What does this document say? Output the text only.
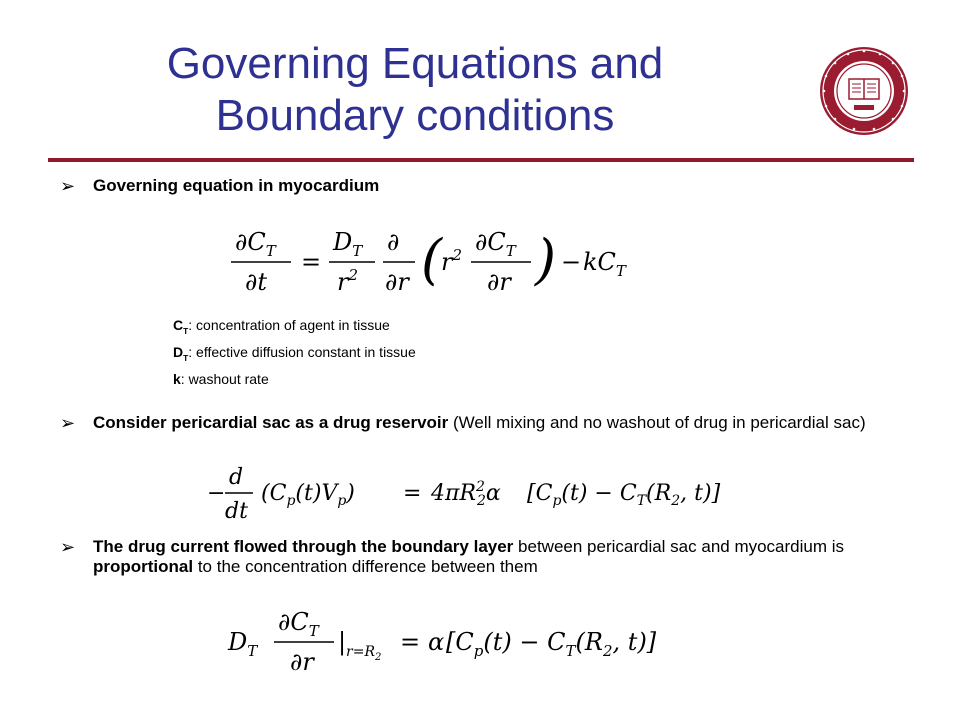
Governing Equations and
Boundary conditions
➢ Governing equation in myocardium
$\partial C_T$
∂t
=
$D_T$
$r^2$
∂
∂r (
$r^2$ $\partial C_T$
∂r ) − $kC_T$
$C_T$: concentration of agent in tissue
$D_T$: effective diffusion constant in tissue
k: washout rate
➢ Consider pericardial sac as a drug reservoir (Well mixing and no washout of drug in pericardial sac)
−
d
dt
$(C_p(t)V_p) = 4\pi R^2$ 2α [$C_p(t) - C_T(R_2$, t)]
➢ The drug current flowed through the boundary layer between pericardial sac and myocardium is proportional to the concentration difference between them
$D_T$
$\partial C_T$
∂r
| $r=R_2$
= α [$C_p(t) - C_T(R_2$, t)]
